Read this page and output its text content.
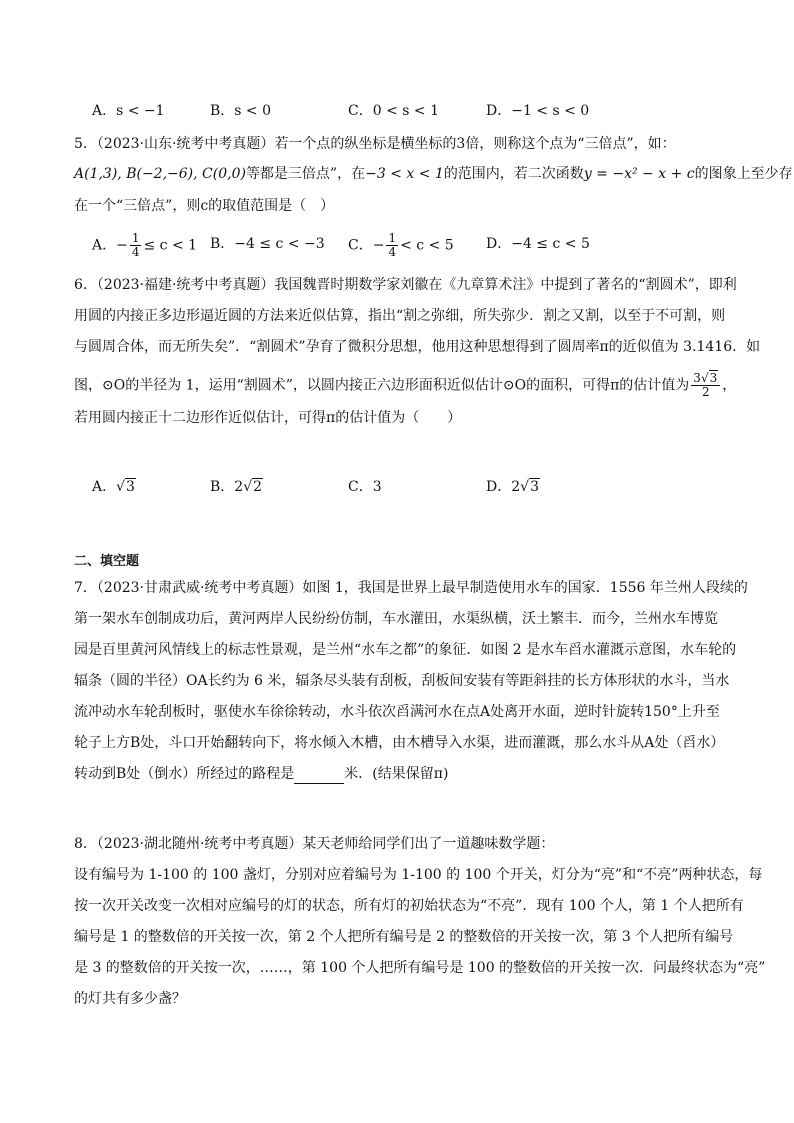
A．s < −1	B．s < 0	C．0 < s < 1	D．−1 < s < 0
5．（2023·山东·统考中考真题）若一个点的纵坐标是横坐标的3倍，则称这个点为“三倍点”，如：
A(1,3), B(−2,−6), C(0,0)等都是三倍点”，在−3 < x < 1的范围内，若二次函数y = −x² − x + c的图象上至少存
在一个“三倍点”，则c的取值范围是（　）
A．− $\frac{1}{4} \le c < 1$ B．−4 ≤ c < −3 C．− $\frac{1}{4} < c < 5$ D．−4 ≤ c < 5
6．（2023·福建·统考中考真题）我国魏晋时期数学家刘徽在《九章算术注》中提到了著名的“割圆术”，即利
用圆的内接正多边形逼近圆的方法来近似估算，指出“割之弥细，所失弥少．割之又割，以至于不可割，则
与圆周合体，而无所失矣”．“割圆术”孕育了微积分思想，他用这种思想得到了圆周率π的近似值为 3.1416．如
图，⊙O的半径为 1，运用“割圆术”，以圆内接正六边形面积近似估计⊙O的面积，可得π的估计值为 $\frac{3√3}{2}$ ，
若用圆内接正十二边形作近似估计，可得π的估计值为（　　）
A．√3	B．2√2	C．3	D．2√3
二、填空题
7．（2023·甘肃武威·统考中考真题）如图 1，我国是世界上最早制造使用水车的国家．1556 年兰州人段续的
第一架水车创制成功后，黄河两岸人民纷纷仿制，车水灌田，水渠纵横，沃土繁丰．而今，兰州水车博览
园是百里黄河风情线上的标志性景观，是兰州“水车之都”的象征．如图 2 是水车舀水灌溉示意图，水车轮的
辐条（圆的半径）OA长约为 6 米，辐条尽头装有刮板，刮板间安装有等距斜挂的长方体形状的水斗，当水
流冲动水车轮刮板时，驱使水车徐徐转动，水斗依次舀满河水在点A处离开水面，逆时针旋转150°上升至
轮子上方B处，斗口开始翻转向下，将水倾入木槽，由木槽导入水渠，进而灌溉，那么水斗从A处（舀水）
转动到B处（倒水）所经过的路程是	米．(结果保留π)
8．（2023·湖北随州·统考中考真题）某天老师给同学们出了一道趣味数学题：
设有编号为 1-100 的 100 盏灯，分别对应着编号为 1-100 的 100 个开关，灯分为“亮”和“不亮”两种状态，每
按一次开关改变一次相对应编号的灯的状态，所有灯的初始状态为“不亮”．现有 100 个人，第 1 个人把所有
编号是 1 的整数倍的开关按一次，第 2 个人把所有编号是 2 的整数倍的开关按一次，第 3 个人把所有编号
是 3 的整数倍的开关按一次，……，第 100 个人把所有编号是 100 的整数倍的开关按一次．问最终状态为“亮”
的灯共有多少盏？
